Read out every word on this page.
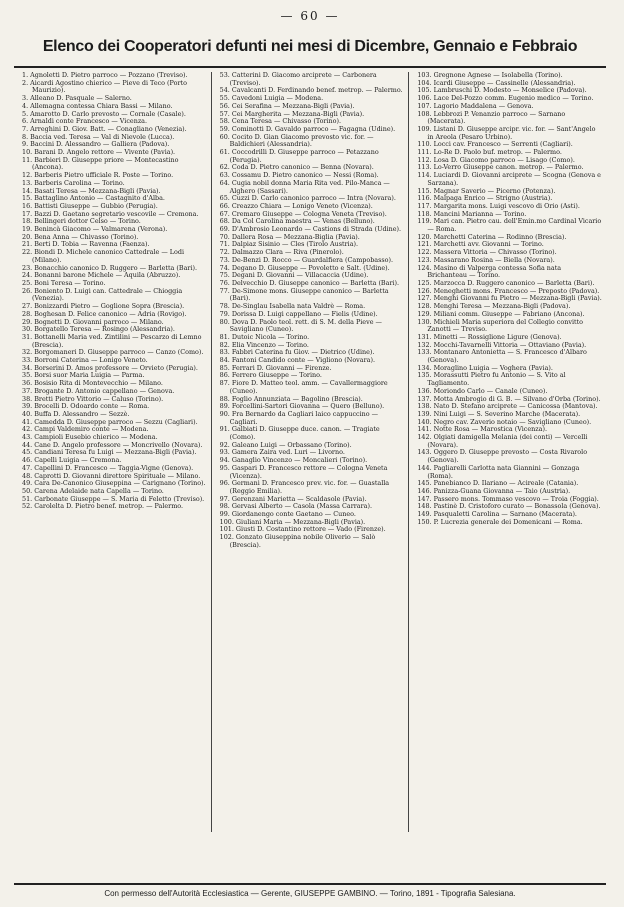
— 60 —
Elenco dei Cooperatori defunti nei mesi di Dicembre, Gennaio e Febbraio

1. Agnoletti D. Pietro parroco — Pozzano (Treviso).

2. Aicardi Agostino chierico — Pieve di Teco (Porto Maurizio).

3. Alleano D. Pasquale — Salerno.

4. Allemagna contessa Chiara Bassi — Milano.

5. Amarotto D. Carlo prevosto — Cornale (Casale).

6. Arnaldi conte Francesco — Vicenza.

7. Arreghini D. Giov. Batt. — Conagliano (Venezia).

8. Baccia ved. Teresa — Val di Nievole (Lucca).

9. Baccini D. Alessandro — Galliera (Padova).

10. Barani D. Angelo rettore — Vivente (Pavia).

11. Barbieri D. Giuseppe priore — Montecastino (Ancona).

12. Barberis Pietro ufficiale R. Poste — Torino.

13. Barberis Carolina — Torino.

14. Basati Teresa — Mezzana-Bigli (Pavia).

15. Battaglino Antonio — Castagnito d'Alba.

16. Battisti Giuseppe — Gubbio (Perugia).

17. Bazzi D. Gaetano segretario vescovile — Cremona.

18. Bellingeri dottor Celso — Torino.

19. Benincà Giacomo — Valmarena (Verona).

20. Bena Anna — Chivasso (Torino).

21. Berti D. Tobia — Ravenna (Faenza).

22. Biondi D. Michele canonico Cattedrale — Lodi (Milano).

23. Bonacchio canonico D. Ruggero — Barletta (Bari).

24. Bonanni barone Michele — Aquila (Abruzzo).

25. Boni Teresa — Torino.

26. Boniento D. Luigi can. Cattedrale — Chioggia (Venezia).

27. Bonizzardi Pietro — Goglione Sopra (Brescia).

28. Boghesan D. Felice canonico — Adria (Rovigo).

29. Bognetti D. Giovanni parroco — Milano.

30. Borgatello Teresa — Rosingo (Alessandria).

31. Bottanelli Maria ved. Zintilini — Pescarzo di Lemno (Brescia).

32. Borgomaneri D. Giuseppe parroco — Canzo (Como).

33. Borroni Caterina — Lonigo Veneto.

34. Borserini D. Amos professore — Orvieto (Perugia).

35. Borsi suor Maria Luigia — Parma.

36. Bosisio Rita di Montevecchio — Milano.

37. Brogante D. Antonio cappellano — Genova.

38. Bretti Pietro Vittorio — Caluso (Torino).

39. Brocelli D. Odoardo conte — Roma.

40. Buffa D. Alessandro — Sezzè.

41. Camedda D. Giuseppe parroco — Sezzu (Cagliari).

42. Campi Valdemiro conte — Modena.

43. Campioli Eusebio chierico — Modena.

44. Cane D. Angelo professore — Moncrivello (Novara).

45. Candiani Teresa fu Luigi — Mezzana-Bigli (Pavia).

46. Capelli Luigia — Cremona.

47. Capellini D. Francesco — Taggia-Vigne (Genova).

48. Caprotti D. Giovanni direttore Spirituale — Milano.

49. Cara De-Canonico Giuseppina — Carignano (Torino).

50. Carena Adelaide nata Capella — Torino.

51. Carbonate Giuseppe — S. Maria di Feletto (Treviso).

52. Carolelta D. Pietro benef. metrop. — Palermo.

53. Catterini D. Giacomo arciprete — Carbonera (Treviso).

54. Cavalcanti D. Ferdinando benef. metrop. — Palermo.

55. Cavedoni Luigia — Modena.

56. Cei Serafina — Mezzana-Bigli (Pavia).

57. Cei Margherita — Mezzana-Bigli (Pavia).

58. Cena Teresa — Chivasso (Torino).

59. Cominotti D. Gavaldo parroco — Fagagna (Udine).

60. Cocito D. Gian Giacomo prevosto vic. for. — Baldichieri (Alessandria).

61. Coccodrilli D. Giuseppe parroco — Petazzano (Perugia).

62. Coda D. Pietro canonico — Benna (Novara).

63. Cossamu D. Pietro canonico — Nessi (Roma).

64. Cugia nobil donna Maria Rita ved. Pilo-Manca — Alghero (Sassari).

65. Cuzzi D. Carlo canonico parroco — Intra (Novara).

66. Creazzo Chiara — Lonigo Veneto (Vicenza).

67. Cremaro Giuseppe — Cologna Veneta (Treviso).

68. Da Col Carolina maestra — Venas (Belluno).

69. D'Ambrosio Leonardo — Castions di Strada (Udine).

70. Dallera Rosa — Mezzana-Biglia (Pavia).

71. Dalpiaz Sisinio — Cles (Tirolo Austria).

72. Dalmazzo Clara — Riva (Pinerolo).

73. De-Benzi D. Rocco — Guardalfiera (Campobasso).

74. Degano D. Giuseppe — Povoletto e Salt. (Udine).

75. Degani D. Giovanni — Villacaccia (Udine).

76. Delvecchio D. Giuseppe canonico — Barletta (Bari).

77. De-Simone mons. Giuseppe canonico — Barletta (Bari).

78. De-Singlau Isabella nata Valdrè — Roma.

79. Dorissa D. Luigi cappellano — Fielis (Udine).

80. Dova D. Paolo teol. rett. di S. M. della Pieve — Savigliano (Cuneo).

81. Dutoic Nicola — Torino.

82. Elia Vincenzo — Torino.

83. Fabbri Caterina fu Giov. — Dietrico (Udine).

84. Fantoni Candido conte — Vigliono (Novara).

85. Ferrari D. Giovanni — Firenze.

86. Ferrero Giuseppe — Torino.

87. Fiore D. Matteo teol. amm. — Cavallermaggiore (Cuneo).

88. Foglio Annunziata — Bagolino (Brescia).

89. Forcellini-Sartori Giovanna — Quero (Belluno).

90. Fra Bernardo da Cagliari laico cappuccino — Cagliari.

91. Galbiati D. Giuseppe duce. canon. — Tragiate (Como).

92. Galeano Luigi — Orbassano (Torino).

93. Gamera Zaira ved. Luri — Livorno.

94. Ganaglio Vincenzo — Moncalieri (Torino).

95. Gaspari D. Francesco rettore — Cologna Veneta (Vicenza).

96. Germani D. Francesco prev. vic. for. — Guastalla (Reggio Emilia).

97. Gerenzani Marietta — Scaldasole (Pavia).

98. Gervasi Alberto — Casola (Massa Carrara).

99. Giordanengo conte Gaetano — Cuneo.

100. Giuliani Maria — Mezzana-Bigli (Pavia).

101. Giusti D. Costantino rettore — Vado (Firenze).

102. Gonzato Giuseppina nobile Oliverio — Salò (Brescia).

103. Gregnone Agnese — Isolabella (Torino).

104. Icardi Giuseppe — Cassinelle (Alessandria).

105. Lambruschi D. Modesto — Monselice (Padova).

106. Lace Del-Pozzo comm. Eugenio medico — Torino.

107. Lagorio Maddalena — Genova.

108. Lebbrozi P. Venanzio parroco — Sarnano (Macerata).

109. Listani D. Giuseppe arcipr. vic. for. — Sant'Angelo in Areola (Pesaro Urbino).

110. Locci cav. Francesco — Serrenti (Cagliari).

111. Lo-Re D. Paolo buf. metrop. — Palermo.

112. Losa D. Giacomo parroco — Lisago (Como).

113. Lo-Verro Giuseppe canon. metrop. — Palermo.

114. Luciardi D. Giovanni arciprete — Scogna (Genova e Sarzana).

115. Magnar Saverio — Picerno (Potenza).

116. Malpaga Enrico — Strigno (Austria).

117. Margarita mons. Luigi vescovo di Orio (Asti).

118. Mancini Marianna — Torino.

119. Mari can. Pietro cau. dell'Emin.mo Cardinal Vicario — Roma.

120. Marchetti Caterina — Rodinno (Brescia).

121. Marchetti avv. Giovanni — Torino.

122. Massera Vittoria — Chivasso (Torino).

123. Massarano Rosina — Biella (Novara).

124. Masino di Valperga contessa Sofia nata Brichanteau — Torino.

125. Marzocca D. Ruggero canonico — Barletta (Bari).

126. Meneghetti mons. Francesco — Preposto (Padova).

127. Menghi Giovanni fu Pietro — Mezzana-Bigli (Pavia).

128. Menghi Teresa — Mezzana-Bigli (Padova).

129. Miliani comm. Giuseppe — Fabriano (Ancona).

130. Michieli Maria superiora del Collegio convitto Zanotti — Treviso.

131. Minetti — Rossiglione Ligure (Genova).

132. Mocchi-Tavarnelli Vittoria — Ottaviano (Pavia).

133. Montanaro Antonietta — S. Francesco d'Albaro (Genova).

134. Moraglino Luigia — Voghera (Pavia).

135. Morassutti Pietro fu Antonio — S. Vito al Tagliamento.

136. Moriondo Carlo — Canale (Cuneo).

137. Motta Ambrogio di G. B. — Silvano d'Orba (Torino).

138. Nato D. Stefano arciprete — Canicossa (Mantova).

139. Nini Luigi — S. Severino Marche (Macerata).

140. Negro cav. Zaverio notaio — Savigliano (Cuneo).

141. Notte Rosa — Marostica (Vicenza).

142. Olgiati damigella Melania (dei conti) — Vercelli (Novara).

143. Oggero D. Giuseppe prevosto — Costa Rivarolo (Genova).

144. Pagliarelli Carlotta nata Giannini — Gonzaga (Roma).

145. Panebianco D. Ilariano — Acireale (Catania).

146. Panizza-Guana Giovanna — Taio (Austria).

147. Passero mons. Tommaso vescovo — Troia (Foggia).

148. Pastinè D. Cristoforo curato — Bonassola (Genova).

149. Pasqualetti Carolina — Sarnano (Macerata).

150. P. Lucrezia generale dei Domenicani — Roma.

Con permesso dell'Autorità Ecclesiastica — Gerente, GIUSEPPE GAMBINO. — Torino, 1891 - Tipografia Salesiana.
